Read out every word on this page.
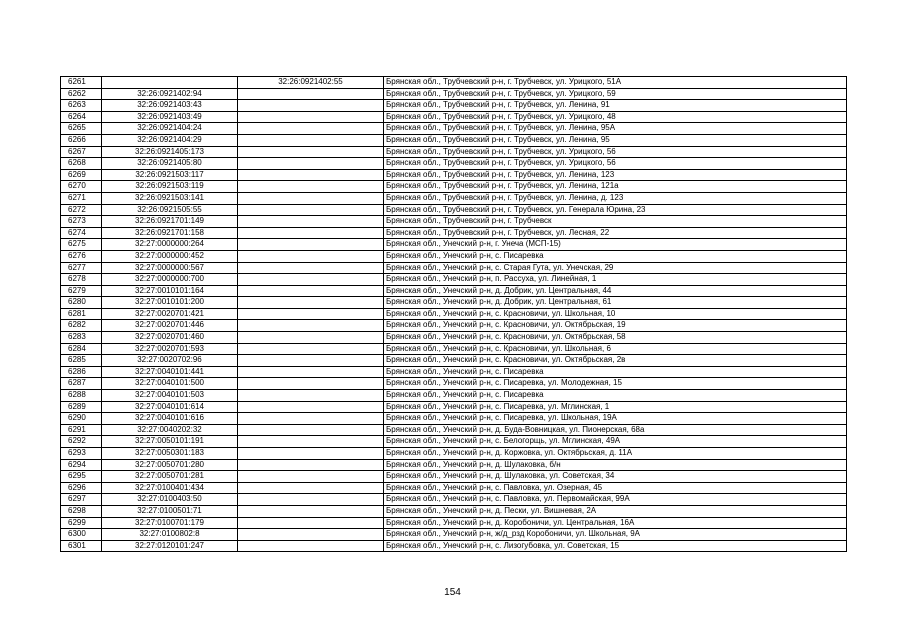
6261		32:26:0921402:55	Брянская обл., Трубчевский р-н, г. Трубчевск, ул. Урицкого, 51А
6262	32:26:0921402:94		Брянская обл., Трубчевский р-н, г. Трубчевск, ул. Урицкого, 59
6263	32:26:0921403:43		Брянская обл., Трубчевский р-н, г. Трубчевск, ул. Ленина, 91
6264	32:26:0921403:49		Брянская обл., Трубчевский р-н, г. Трубчевск, ул. Урицкого, 48
6265	32:26:0921404:24		Брянская обл., Трубчевский р-н, г. Трубчевск, ул. Ленина, 95А
6266	32:26:0921404:29		Брянская обл., Трубчевский р-н, г. Трубчевск, ул. Ленина, 95
6267	32:26:0921405:173		Брянская обл., Трубчевский р-н, г. Трубчевск, ул. Урицкого, 56
6268	32:26:0921405:80		Брянская обл., Трубчевский р-н, г. Трубчевск, ул. Урицкого, 56
6269	32:26:0921503:117		Брянская обл., Трубчевский р-н, г. Трубчевск, ул. Ленина, 123
6270	32:26:0921503:119		Брянская обл., Трубчевский р-н, г. Трубчевск, ул. Ленина, 121а
6271	32:26:0921503:141		Брянская обл., Трубчевский р-н, г. Трубчевск, ул. Ленина, д. 123
6272	32:26:0921505:55		Брянская обл., Трубчевский р-н, г. Трубчевск, ул. Генерала Юрина, 23
6273	32:26:0921701:149		Брянская обл., Трубчевский р-н, г. Трубчевск
6274	32:26:0921701:158		Брянская обл., Трубчевский р-н, г. Трубчевск, ул. Лесная, 22
6275	32:27:0000000:264		Брянская обл., Унечский р-н, г. Унеча (МСП-15)
6276	32:27:0000000:452		Брянская обл., Унечский р-н, с. Писаревка
6277	32:27:0000000:567		Брянская обл., Унечский р-н, с. Старая Гута, ул. Унечская, 29
6278	32:27:0000000:700		Брянская обл., Унечский р-н, п. Рассуха, ул. Линейная, 1
6279	32:27:0010101:164		Брянская обл., Унечский р-н, д. Добрик, ул. Центральная, 44
6280	32:27:0010101:200		Брянская обл., Унечский р-н, д. Добрик, ул. Центральная, 61
6281	32:27:0020701:421		Брянская обл., Унечский р-н, с. Красновичи, ул. Школьная, 10
6282	32:27:0020701:446		Брянская обл., Унечский р-н, с. Красновичи, ул. Октябрьская, 19
6283	32:27:0020701:460		Брянская обл., Унечский р-н, с. Красновичи, ул. Октябрьская, 58
6284	32:27:0020701:593		Брянская обл., Унечский р-н, с. Красновичи, ул. Школьная, 6
6285	32:27:0020702:96		Брянская обл., Унечский р-н, с. Красновичи, ул. Октябрьская, 2в
6286	32:27:0040101:441		Брянская обл., Унечский р-н, с. Писаревка
6287	32:27:0040101:500		Брянская обл., Унечский р-н, с. Писаревка, ул. Молодежная, 15
6288	32:27:0040101:503		Брянская обл., Унечский р-н, с. Писаревка
6289	32:27:0040101:614		Брянская обл., Унечский р-н, с. Писаревка, ул. Мглинская, 1
6290	32:27:0040101:616		Брянская обл., Унечский р-н, с. Писаревка, ул. Школьная, 19А
6291	32:27:0040202:32		Брянская обл., Унечский р-н, д. Буда-Вовницкая, ул. Пионерская, 68а
6292	32:27:0050101:191		Брянская обл., Унечский р-н, с. Белогорщь, ул. Мглинская, 49А
6293	32:27:0050301:183		Брянская обл., Унечский р-н, д. Коржовка, ул. Октябрьская, д. 11А
6294	32:27:0050701:280		Брянская обл., Унечский р-н, д. Шулаковка, б/н
6295	32:27:0050701:281		Брянская обл., Унечский р-н, д. Шулаковка, ул. Советская, 34
6296	32:27:0100401:434		Брянская обл., Унечский р-н, с. Павловка, ул. Озерная, 45
6297	32:27:0100403:50		Брянская обл., Унечский р-н, с. Павловка, ул. Первомайская, 99А
6298	32:27:0100501:71		Брянская обл., Унечский р-н, д. Пески, ул. Вишневая, 2А
6299	32:27:0100701:179		Брянская обл., Унечский р-н, д. Коробоничи, ул. Центральная, 16А
6300	32:27:0100802:8		Брянская обл., Унечский р-н, ж/д_рзд Коробоничи, ул. Школьная, 9А
6301	32:27:0120101:247		Брянская обл., Унечский р-н, с. Лизогубовка, ул. Советская, 15
154
